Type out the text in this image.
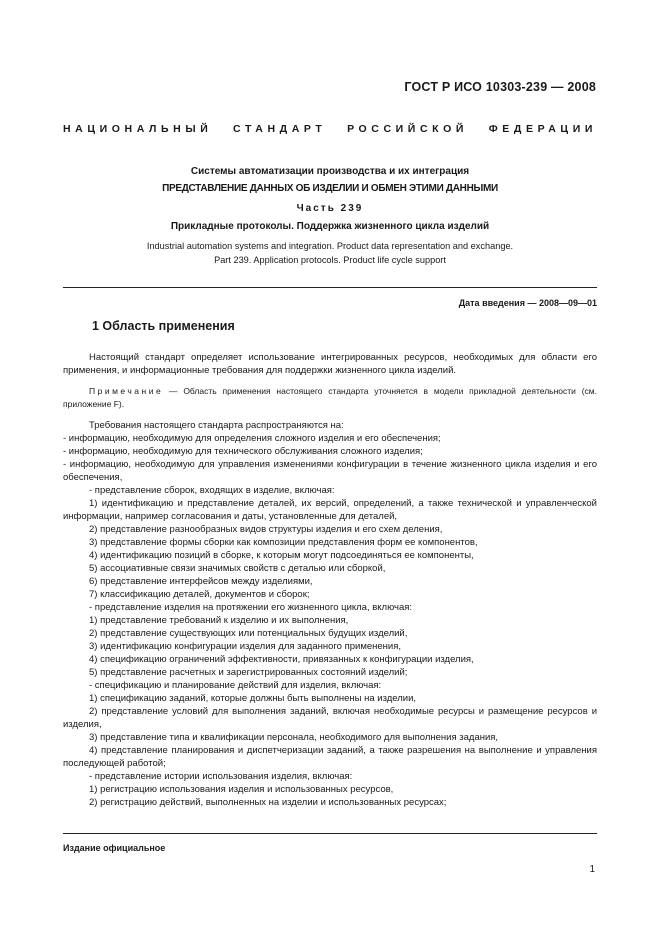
ГОСТ Р ИСО 10303-239 — 2008
НАЦИОНАЛЬНЫЙ СТАНДАРТ РОССИЙСКОЙ ФЕДЕРАЦИИ
Системы автоматизации производства и их интеграция
ПРЕДСТАВЛЕНИЕ ДАННЫХ ОБ ИЗДЕЛИИ И ОБМЕН ЭТИМИ ДАННЫМИ
Часть 239
Прикладные протоколы. Поддержка жизненного цикла изделий
Industrial automation systems and integration. Product data representation and exchange.
Part 239. Application protocols. Product life cycle support
Дата введения — 2008—09—01
1 Область применения

Настоящий стандарт определяет использование интегрированных ресурсов, необходимых для области его применения, и информационные требования для поддержки жизненного цикла изделий.

Примечание — Область применения настоящего стандарта уточняется в модели прикладной деятельности (см. приложение F).

Требования настоящего стандарта распространяются на:
- информацию, необходимую для определения сложного изделия и его обеспечения;
- информацию, необходимую для технического обслуживания сложного изделия;
- информацию, необходимую для управления изменениями конфигурации в течение жизненного цикла изделия и его обеспечения,
- представление сборок, входящих в изделие, включая:
1) идентификацию и представление деталей, их версий, определений, а также технической и управленческой информации, например согласования и даты, установленные для деталей,
2) представление разнообразных видов структуры изделия и его схем деления,
3) представление формы сборки как композиции представления форм ее компонентов,
4) идентификацию позиций в сборке, к которым могут подсоединяться ее компоненты,
5) ассоциативные связи значимых свойств с деталью или сборкой,
6) представление интерфейсов между изделиями,
7) классификацию деталей, документов и сборок;
- представление изделия на протяжении его жизненного цикла, включая:
1) представление требований к изделию и их выполнения,
2) представление существующих или потенциальных будущих изделий,
3) идентификацию конфигурации изделия для заданного применения,
4) спецификацию ограничений эффективности, привязанных к конфигурации изделия,
5) представление расчетных и зарегистрированных состояний изделий;
- спецификацию и планирование действий для изделия, включая:
1) спецификацию заданий, которые должны быть выполнены на изделии,
2) представление условий для выполнения заданий, включая необходимые ресурсы и размещение ресурсов и изделия,
3) представление типа и квалификации персонала, необходимого для выполнения задания,
4) представление планирования и диспетчеризации заданий, а также разрешения на выполнение и управления последующей работой;
- представление истории использования изделия, включая:
1) регистрацию использования изделия и использованных ресурсов,
2) регистрацию действий, выполненных на изделии и использованных ресурсах;
Издание официальное
1
